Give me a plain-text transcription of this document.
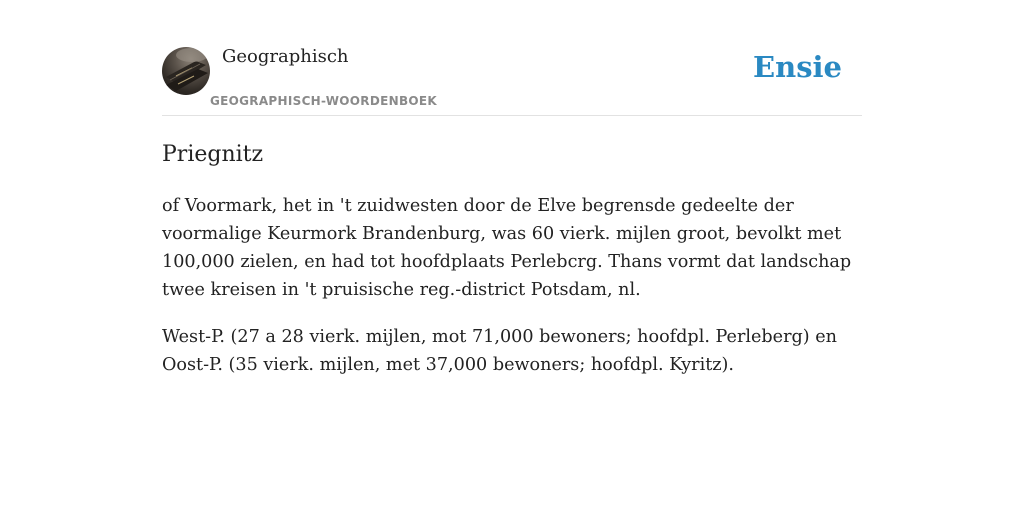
Geographisch
GEOGRAPHISCH-WOORDENBOEK
Ensie
Priegnitz

of Voormark, het in 't zuidwesten door de Elve begrensde gedeelte der voormalige Keurmork Brandenburg, was 60 vierk. mijlen groot, bevolkt met 100,000 zielen, en had tot hoofdplaats Perlebcrg. Thans vormt dat landschap twee kreisen in 't pruisische reg.-district Potsdam, nl.

West-P. (27 a 28 vierk. mijlen, mot 71,000 bewoners; hoofdpl. Perleberg) en Oost-P. (35 vierk. mijlen, met 37,000 bewoners; hoofdpl. Kyritz).
